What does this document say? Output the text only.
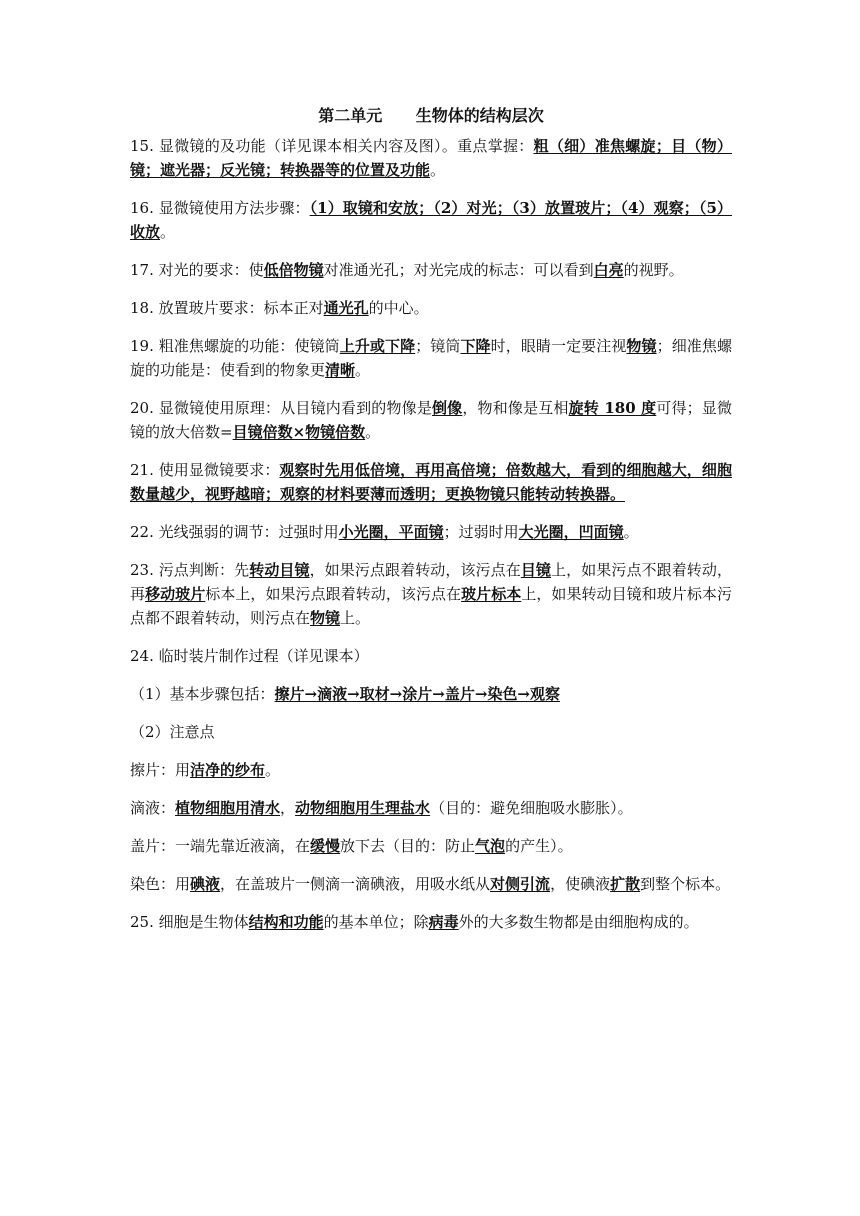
第二单元      生物体的结构层次
15. 显微镜的及功能（详见课本相关内容及图）。重点掌握：粗（细）准焦螺旋；目（物）镜；遮光器；反光镜；转换器等的位置及功能。
16. 显微镜使用方法步骤：（1）取镜和安放；（2）对光；（3）放置玻片；（4）观察；（5）收放。
17. 对光的要求：使低倍物镜对准通光孔；对光完成的标志：可以看到白亮的视野。
18. 放置玻片要求：标本正对通光孔的中心。
19. 粗准焦螺旋的功能：使镜筒上升或下降；镜筒下降时，眼睛一定要注视物镜；细准焦螺旋的功能是：使看到的物象更清晰。
20. 显微镜使用原理：从目镜内看到的物像是倒像，物和像是互相旋转 180 度可得；显微镜的放大倍数=目镜倍数×物镜倍数。
21. 使用显微镜要求：观察时先用低倍境，再用高倍境；倍数越大，看到的细胞越大，细胞数量越少，视野越暗；观察的材料要薄而透明；更换物镜只能转动转换器。
22. 光线强弱的调节：过强时用小光圈，平面镜；过弱时用大光圈，凹面镜。
23. 污点判断：先转动目镜，如果污点跟着转动，该污点在目镜上，如果污点不跟着转动，再移动玻片标本上，如果污点跟着转动，该污点在玻片标本上，如果转动目镜和玻片标本污点都不跟着转动，则污点在物镜上。
24. 临时装片制作过程（详见课本）
（1）基本步骤包括：擦片→滴液→取材→涂片→盖片→染色→观察
（2）注意点
擦片：用洁净的纱布。
滴液：植物细胞用清水，动物细胞用生理盐水（目的：避免细胞吸水膨胀）。
盖片：一端先靠近液滴，在缓慢放下去（目的：防止气泡的产生）。
染色：用碘液，在盖玻片一侧滴一滴碘液，用吸水纸从对侧引流，使碘液扩散到整个标本。
25. 细胞是生物体结构和功能的基本单位；除病毒外的大多数生物都是由细胞构成的。
